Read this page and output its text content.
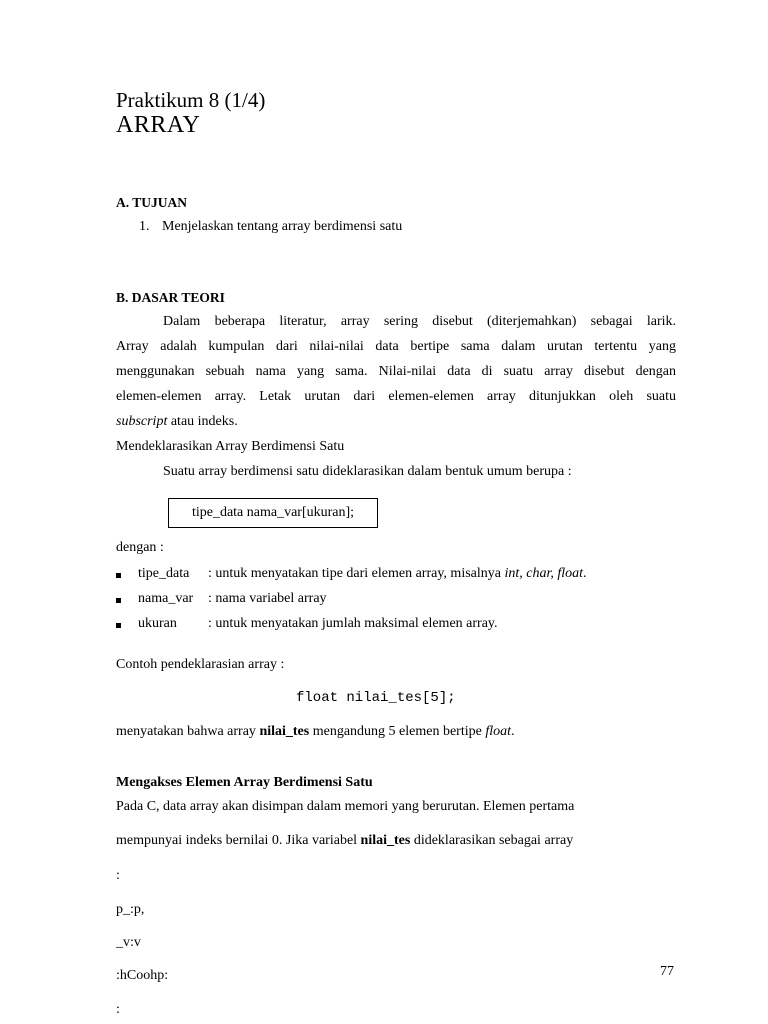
Praktikum 8 (1/4)
ARRAY
A. TUJUAN
1. Menjelaskan tentang array berdimensi satu
B. DASAR TEORI
Dalam beberapa literatur, array sering disebut (diterjemahkan) sebagai larik.
Array adalah kumpulan dari nilai-nilai data bertipe sama dalam urutan tertentu yang
menggunakan sebuah nama yang sama. Nilai-nilai data di suatu array disebut dengan
elemen-elemen array. Letak urutan dari elemen-elemen array ditunjukkan oleh suatu
subscript atau indeks.
Mendeklarasikan Array Berdimensi Satu
Suatu array berdimensi satu dideklarasikan dalam bentuk umum berupa :
tipe_data nama_var[ukuran];
dengan :
tipe_data : untuk menyatakan tipe dari elemen array, misalnya int, char, float.
nama_var : nama variabel array
ukuran : untuk menyatakan jumlah maksimal elemen array.
Contoh pendeklarasian array :
float nilai_tes[5];
menyatakan bahwa array nilai_tes mengandung 5 elemen bertipe float.
Mengakses Elemen Array Berdimensi Satu
Pada C, data array akan disimpan dalam memori yang berurutan. Elemen pertama
mempunyai indeks bernilai 0. Jika variabel nilai_tes dideklarasikan sebagai array
:
p_:p,
_v:v
:hCoohp:
:
77
